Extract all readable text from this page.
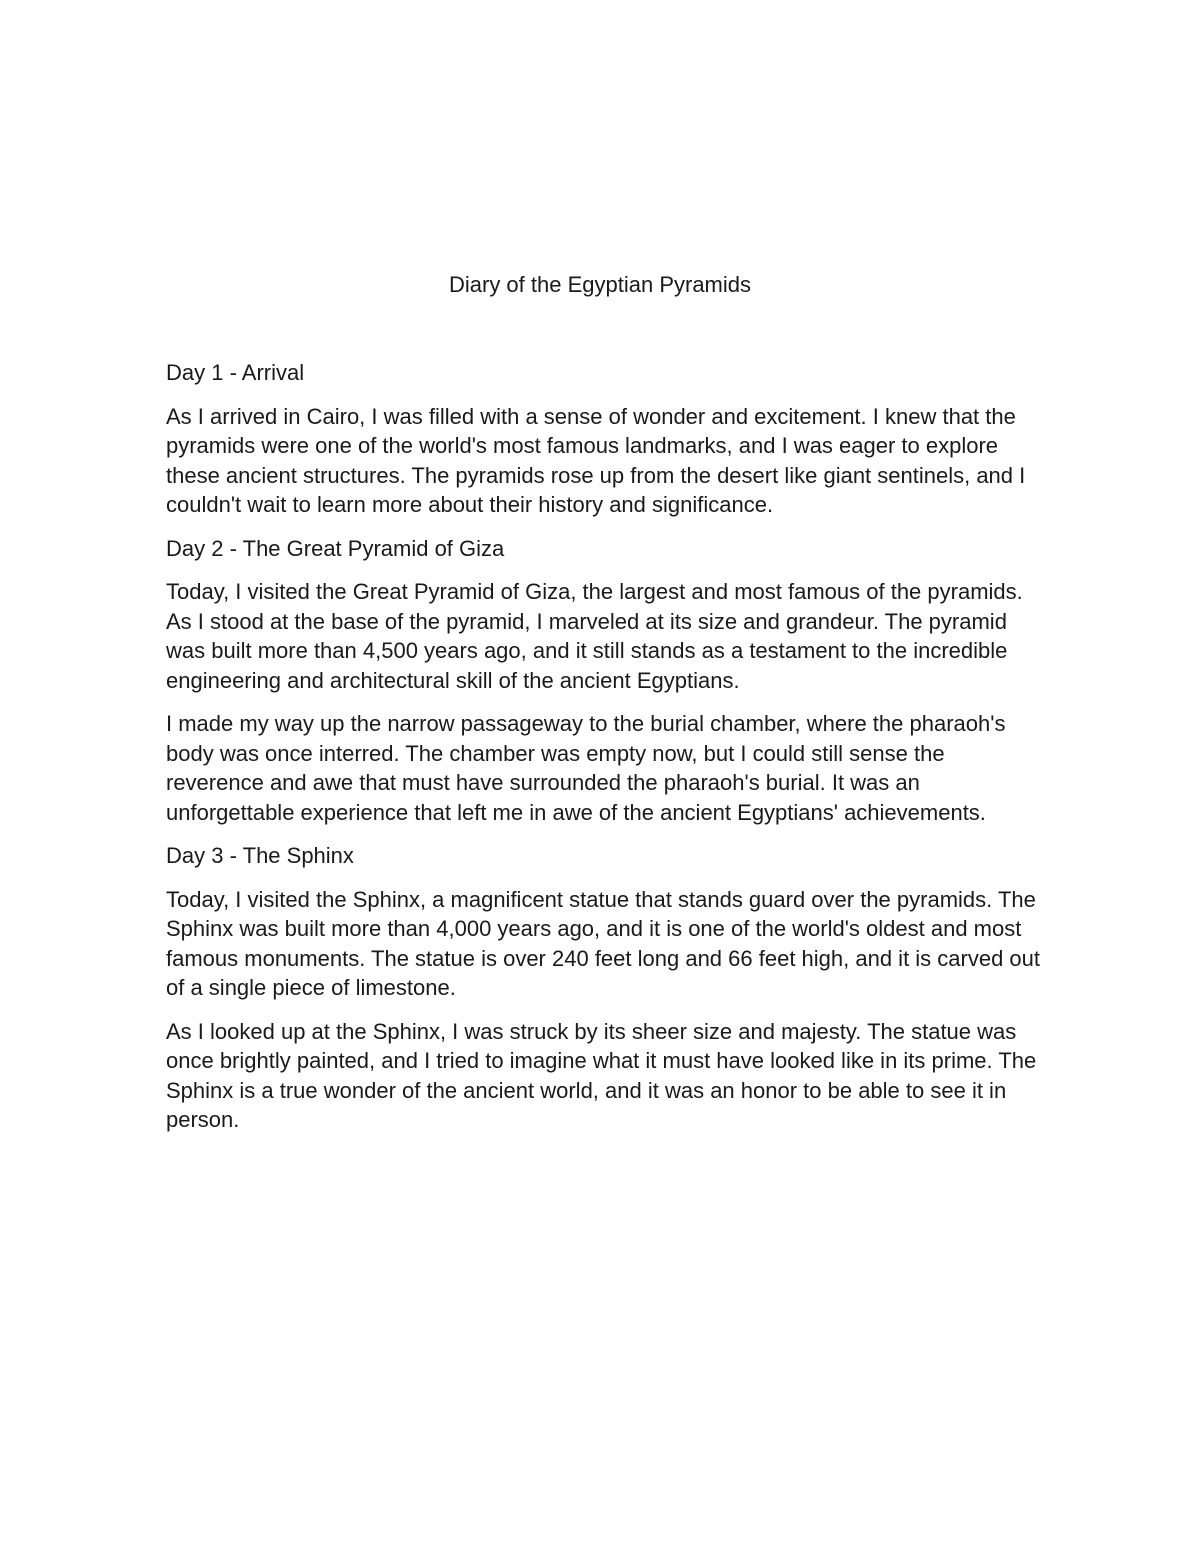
Diary of the Egyptian Pyramids

Day 1 - Arrival

As I arrived in Cairo, I was filled with a sense of wonder and excitement. I knew that the pyramids were one of the world's most famous landmarks, and I was eager to explore these ancient structures. The pyramids rose up from the desert like giant sentinels, and I couldn't wait to learn more about their history and significance.

Day 2 - The Great Pyramid of Giza

Today, I visited the Great Pyramid of Giza, the largest and most famous of the pyramids. As I stood at the base of the pyramid, I marveled at its size and grandeur. The pyramid was built more than 4,500 years ago, and it still stands as a testament to the incredible engineering and architectural skill of the ancient Egyptians.

I made my way up the narrow passageway to the burial chamber, where the pharaoh's body was once interred. The chamber was empty now, but I could still sense the reverence and awe that must have surrounded the pharaoh's burial. It was an unforgettable experience that left me in awe of the ancient Egyptians' achievements.

Day 3 - The Sphinx

Today, I visited the Sphinx, a magnificent statue that stands guard over the pyramids. The Sphinx was built more than 4,000 years ago, and it is one of the world's oldest and most famous monuments. The statue is over 240 feet long and 66 feet high, and it is carved out of a single piece of limestone.

As I looked up at the Sphinx, I was struck by its sheer size and majesty. The statue was once brightly painted, and I tried to imagine what it must have looked like in its prime. The Sphinx is a true wonder of the ancient world, and it was an honor to be able to see it in person.
